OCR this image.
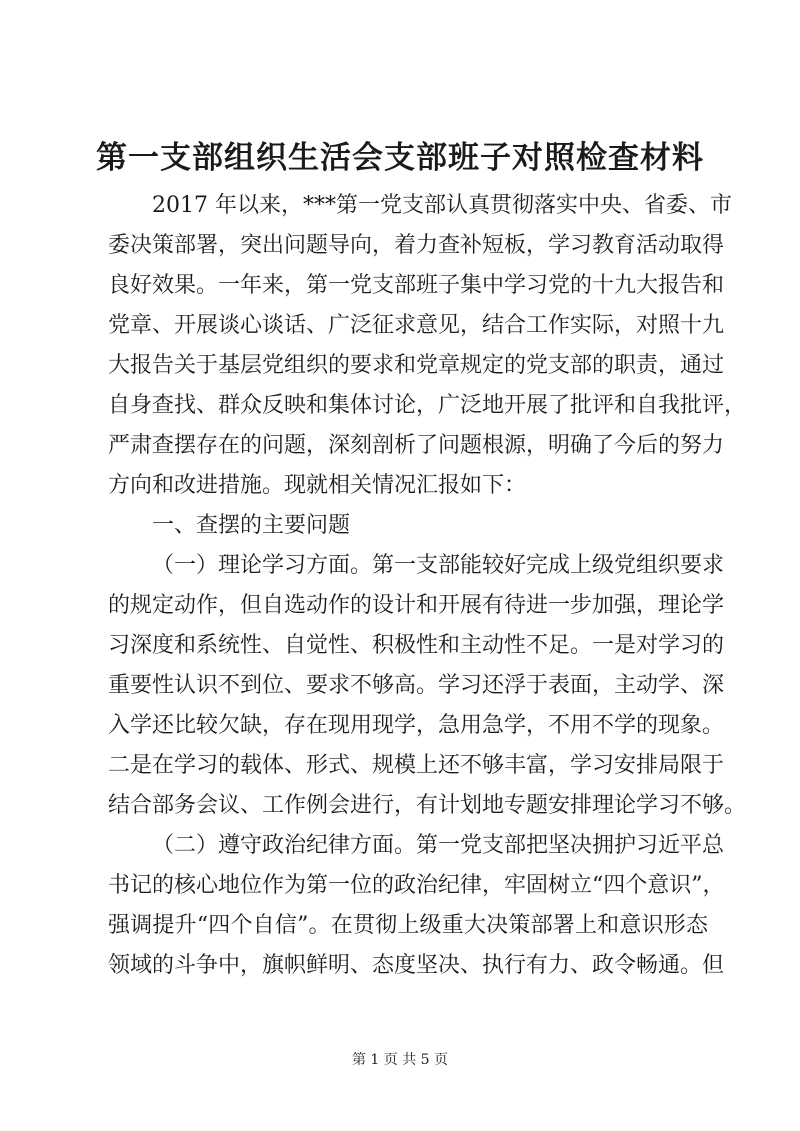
第一支部组织生活会支部班子对照检查材料
2017 年以来，***第一党支部认真贯彻落实中央、省委、市
委决策部署，突出问题导向，着力查补短板，学习教育活动取得
良好效果。一年来，第一党支部班子集中学习党的十九大报告和
党章、开展谈心谈话、广泛征求意见，结合工作实际，对照十九
大报告关于基层党组织的要求和党章规定的党支部的职责，通过
自身查找、群众反映和集体讨论，广泛地开展了批评和自我批评，
严肃查摆存在的问题，深刻剖析了问题根源，明确了今后的努力
方向和改进措施。现就相关情况汇报如下：
一、查摆的主要问题
（一）理论学习方面。第一支部能较好完成上级党组织要求
的规定动作，但自选动作的设计和开展有待进一步加强，理论学
习深度和系统性、自觉性、积极性和主动性不足。一是对学习的
重要性认识不到位、要求不够高。学习还浮于表面，主动学、深
入学还比较欠缺，存在现用现学，急用急学，不用不学的现象。
二是在学习的载体、形式、规模上还不够丰富，学习安排局限于
结合部务会议、工作例会进行，有计划地专题安排理论学习不够。
（二）遵守政治纪律方面。第一党支部把坚决拥护习近平总
书记的核心地位作为第一位的政治纪律，牢固树立“四个意识”，
强调提升“四个自信”。在贯彻上级重大决策部署上和意识形态
领域的斗争中，旗帜鲜明、态度坚决、执行有力、政令畅通。但
第 1 页 共 5 页
